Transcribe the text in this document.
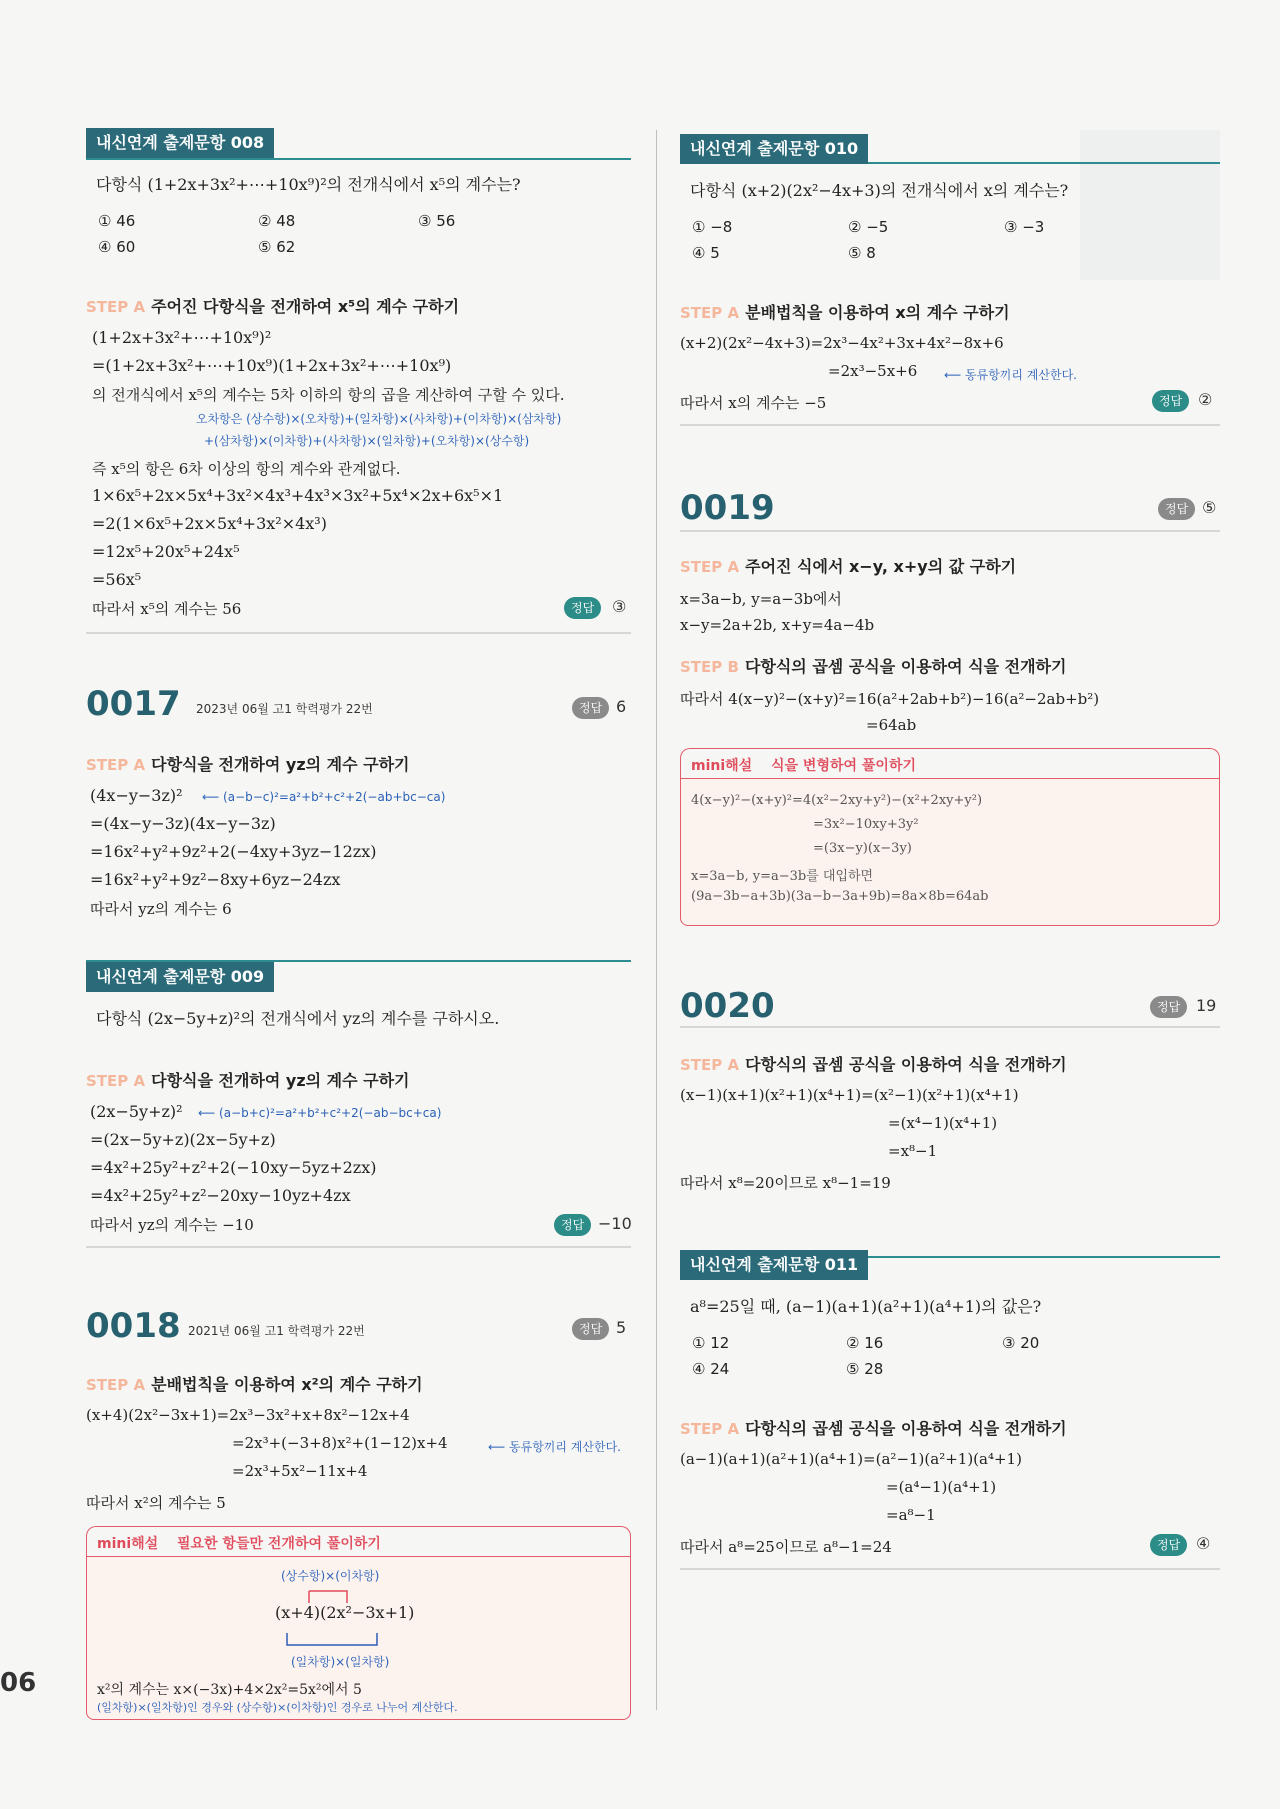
06
내신연계 출제문항 008
다항식 (1+2x+3x²+⋯+10x⁹)²의 전개식에서 x⁵의 계수는?
① 46	② 48	③ 56
④ 60	⑤ 62
STEP A 주어진 다항식을 전개하여 x⁵의 계수 구하기
(1+2x+3x²+⋯+10x⁹)²
=(1+2x+3x²+⋯+10x⁹)(1+2x+3x²+⋯+10x⁹)
의 전개식에서 x⁵의 계수는 5차 이하의 항의 곱을 계산하여 구할 수 있다.
오차항은 (상수항)×(오차항)+(일차항)×(사차항)+(이차항)×(삼차항)
+(삼차항)×(이차항)+(사차항)×(일차항)+(오차항)×(상수항)
즉 x⁵의 항은 6차 이상의 항의 계수와 관계없다.
1×6x⁵+2x×5x⁴+3x²×4x³+4x³×3x²+5x⁴×2x+6x⁵×1
=2(1×6x⁵+2x×5x⁴+3x²×4x³)
=12x⁵+20x⁵+24x⁵
=56x⁵
따라서 x⁵의 계수는 56	정답	③
0017 2023년 06월 고1 학력평가 22번	정답 6
STEP A 다항식을 전개하여 yz의 계수 구하기
(4x−y−3z)² ⟵ (a−b−c)²=a²+b²+c²+2(−ab+bc−ca)
=(4x−y−3z)(4x−y−3z)
=16x²+y²+9z²+2(−4xy+3yz−12zx)
=16x²+y²+9z²−8xy+6yz−24zx
따라서 yz의 계수는 6
내신연계 출제문항 009
다항식 (2x−5y+z)²의 전개식에서 yz의 계수를 구하시오.
STEP A 다항식을 전개하여 yz의 계수 구하기
(2x−5y+z)² ⟵ (a−b+c)²=a²+b²+c²+2(−ab−bc+ca)
=(2x−5y+z)(2x−5y+z)
=4x²+25y²+z²+2(−10xy−5yz+2zx)
=4x²+25y²+z²−20xy−10yz+4zx
따라서 yz의 계수는 −10	정답 −10
0018 2021년 06월 고1 학력평가 22번	정답 5
STEP A 분배법칙을 이용하여 x²의 계수 구하기
(x+4)(2x²−3x+1)=2x³−3x²+x+8x²−12x+4
=2x³+(−3+8)x²+(1−12)x+4	⟵ 동류항끼리 계산한다.
=2x³+5x²−11x+4
따라서 x²의 계수는 5
mini해설 필요한 항들만 전개하여 풀이하기
(상수항)×(이차항)
(x+4)(2x²−3x+1)
(일차항)×(일차항)
x²의 계수는 x×(−3x)+4×2x²=5x²에서 5
(일차항)×(일차항)인 경우와 (상수항)×(이차항)인 경우로 나누어 계산한다.
내신연계 출제문항 010
다항식 (x+2)(2x²−4x+3)의 전개식에서 x의 계수는?
① −8	② −5	③ −3
④ 5	⑤ 8
STEP A 분배법칙을 이용하여 x의 계수 구하기
(x+2)(2x²−4x+3)=2x³−4x²+3x+4x²−8x+6
=2x³−5x+6 ⟵ 동류항끼리 계산한다.
따라서 x의 계수는 −5	정답 ②
0019	정답 ⑤
STEP A 주어진 식에서 x−y, x+y의 값 구하기
x=3a−b, y=a−3b에서
x−y=2a+2b, x+y=4a−4b
STEP B 다항식의 곱셈 공식을 이용하여 식을 전개하기
따라서 4(x−y)²−(x+y)²=16(a²+2ab+b²)−16(a²−2ab+b²)
=64ab
mini해설 식을 변형하여 풀이하기
4(x−y)²−(x+y)²=4(x²−2xy+y²)−(x²+2xy+y²)
=3x²−10xy+3y²
=(3x−y)(x−3y)
x=3a−b, y=a−3b를 대입하면
(9a−3b−a+3b)(3a−b−3a+9b)=8a×8b=64ab
0020	정답 19
STEP A 다항식의 곱셈 공식을 이용하여 식을 전개하기
(x−1)(x+1)(x²+1)(x⁴+1)=(x²−1)(x²+1)(x⁴+1)
=(x⁴−1)(x⁴+1)
=x⁸−1
따라서 x⁸=20이므로 x⁸−1=19
내신연계 출제문항 011
a⁸=25일 때, (a−1)(a+1)(a²+1)(a⁴+1)의 값은?
① 12	② 16	③ 20
④ 24	⑤ 28
STEP A 다항식의 곱셈 공식을 이용하여 식을 전개하기
(a−1)(a+1)(a²+1)(a⁴+1)=(a²−1)(a²+1)(a⁴+1)
=(a⁴−1)(a⁴+1)
=a⁸−1
따라서 a⁸=25이므로 a⁸−1=24	정답 ④
